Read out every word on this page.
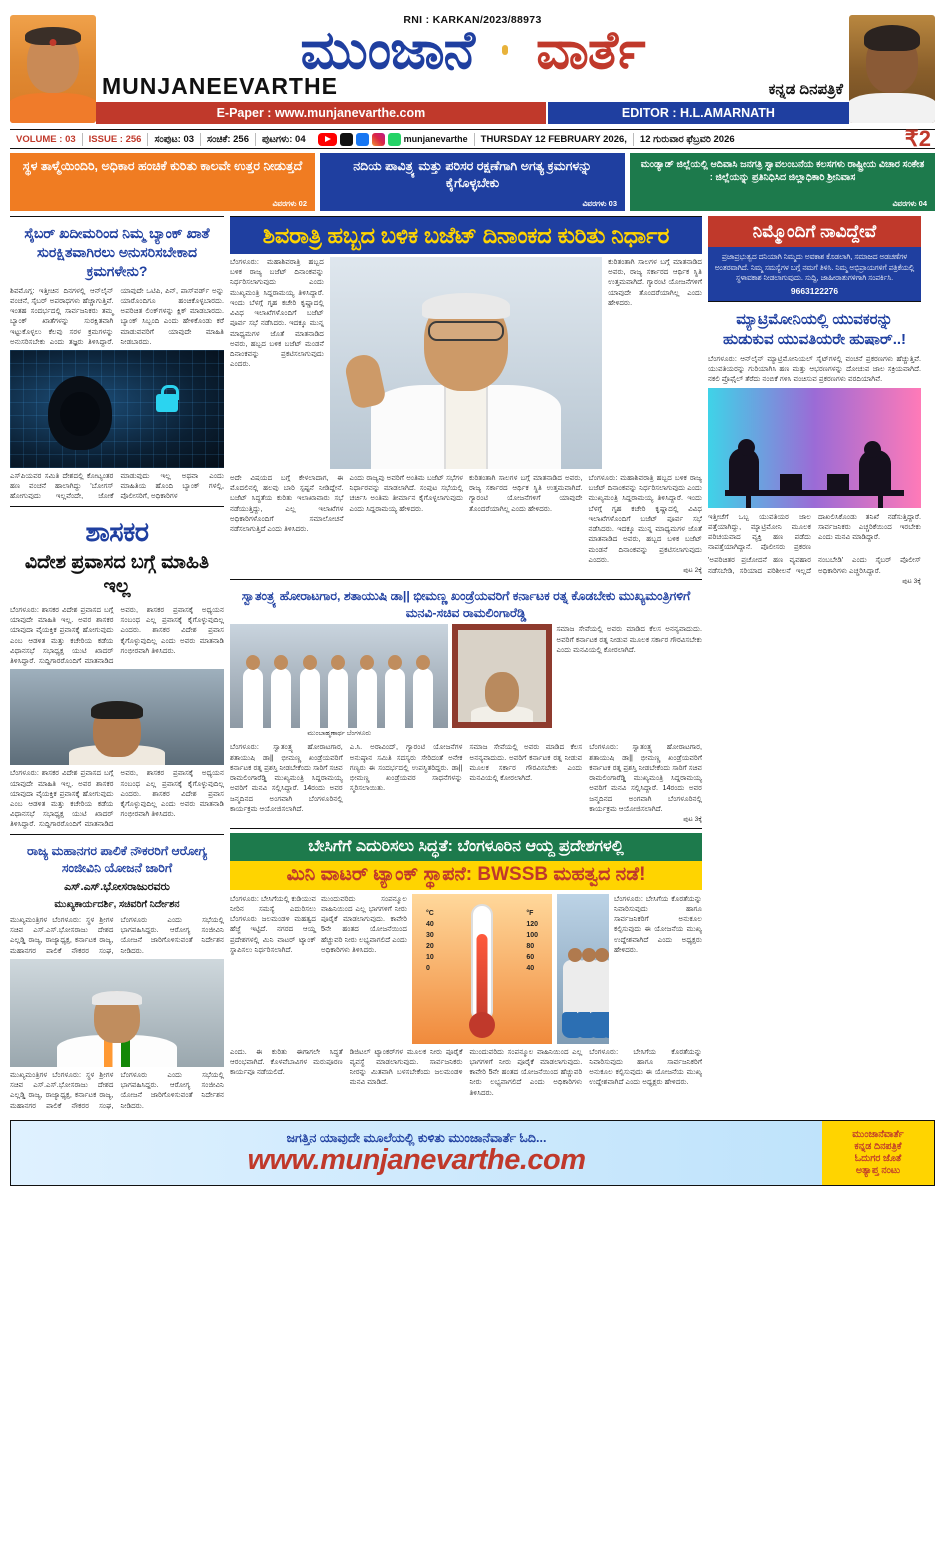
RNI : KARKAN/2023/88973
ಮುಂಜಾನೆ ವಾರ್ತೆ
MUNJANEEVARTHE	ಕನ್ನಡ ದಿನಪತ್ರಿಕೆ
E-Paper : www.munjanevarthe.com	EDITOR : H.L.AMARNATH
VOLUME : 03	ISSUE : 256	ಸಂಪುಟ: 03	ಸಂಚಿಕೆ: 256	ಪುಟಗಳು: 04	munjanevarthe	THURSDAY 12 FEBRUARY 2026,	12 ಗುರುವಾರ ಫೆಬ್ರವರಿ 2026	₹2
ಸ್ಥಳ ತಾಳ್ಮೆಯಿಂದಿರಿ, ಅಧಿಕಾರ ಹಂಚಿಕೆ ಕುರಿತು ಕಾಲವೇ ಉತ್ತರ ನೀಡುತ್ತದೆ
ವಿವರಗಳು 02
ನದಿಯ ಪಾವಿತ್ರ್ಯ ಮತ್ತು ಪರಿಸರ ರಕ್ಷಣೆಗಾಗಿ ಅಗತ್ಯ ಕ್ರಮಗಳನ್ನು ಕೈಗೊಳ್ಳಬೇಕು
ವಿವರಗಳು 03
ಮಂಡ್ಯಾಡ್ ಜಿಲ್ಲೆಯಲ್ಲಿ ಆದಿವಾಸಿ ಜನಗತ್ರಿ ಸ್ವಾವಲಂಬನೆಯ ಕಲಸಗಳು ರಾಷ್ಟ್ರೀಯ ವಿಚಾರ ಸಂಕೇತ : ಜಿಲ್ಲೆಯನ್ನು ಪ್ರತಿನಿಧಿಸಿದ ಜಿಲ್ಲಾಧಿಕಾರಿ ಶ್ರೀನಿವಾಸ
ವಿವರಗಳು 04
ಸೈಬರ್ ಖದೀಮರಿಂದ ನಿಮ್ಮ ಬ್ಯಾಂಕ್ ಖಾತೆ ಸುರಕ್ಷಿತವಾಗಿರಲು ಅನುಸರಿಸಬೇಕಾದ ಕ್ರಮಗಳೇನು?
ಶಿವಮೊಗ್ಗ: ಇತ್ತೀಚಿನ ದಿನಗಳಲ್ಲಿ ಆನ್‌ಲೈನ್ ವಂಚನೆ, ಸೈಬರ್ ಅಪರಾಧಗಳು ಹೆಚ್ಚಾಗುತ್ತಿವೆ. ಇಂತಹ ಸಂದರ್ಭದಲ್ಲಿ ಸಾರ್ವಜನಿಕರು ತಮ್ಮ ಬ್ಯಾಂಕ್ ಖಾತೆಗಳನ್ನು ಸುರಕ್ಷಿತವಾಗಿ ಇಟ್ಟುಕೊಳ್ಳಲು ಕೆಲವು ಸರಳ ಕ್ರಮಗಳನ್ನು ಅನುಸರಿಸಬೇಕು ಎಂದು ತಜ್ಞರು ತಿಳಿಸಿದ್ದಾರೆ. ಯಾವುದೇ ಒಟಿಪಿ, ಪಿನ್, ಪಾಸ್‌ವರ್ಡ್ ಅನ್ನು ಯಾರೊಂದಿಗೂ ಹಂಚಿಕೊಳ್ಳಬಾರದು. ಅಪರಿಚಿತ ಲಿಂಕ್‌ಗಳನ್ನು ಕ್ಲಿಕ್ ಮಾಡಬಾರದು. ಬ್ಯಾಂಕ್ ಸಿಬ್ಬಂದಿ ಎಂದು ಹೇಳಿಕೊಂಡು ಕರೆ ಮಾಡುವವರಿಗೆ ಯಾವುದೇ ಮಾಹಿತಿ ನೀಡಬಾರದು.
ಎಸ್‌ಪಿಯವರ ಸಮಿತಿ ದೇಶದಲ್ಲಿ ಕೋಟ್ಯಂತರ ಹಣ ವಂಚನೆ ಹಾಲಾಗಿದ್ದು 'ಬೋಗಸ್ ಹೋಗುವುದು ಇಲ್ಲವೆಂದೇ, ಜೋಕೆ ಮಾಡುವುದು ಇಲ್ಲ ಅಥವಾ ಎಂದು ಮಾಹಿತಿಯ ಹೊಂದಿ ಬ್ಯಾಂಕ್ ಗಳಲ್ಲಿ, ಪೊಲೀಸರಿಗೆ, ಅಧಿಕಾರಿಗಳ
ಶಾಸಕರ
ವಿದೇಶ ಪ್ರವಾಸದ ಬಗ್ಗೆ ಮಾಹಿತಿ ಇಲ್ಲ
ಬೆಂಗಳೂರು: ಶಾಸಕರ ವಿದೇಶ ಪ್ರವಾಸದ ಬಗ್ಗೆ ಯಾವುದೇ ಮಾಹಿತಿ ಇಲ್ಲ. ಅವರ ಶಾಸಕರ ಯಾವುದಾ ವೈಯಕ್ತಿಕ ಪ್ರವಾಸಕ್ಕೆ ಹೋಗುವುದು ಎಂಬ ಆಡಳಿತ ಮತ್ತು ಕಚೇರಿಯ ಕಡೆಯ ವಿಧಾನಸಭೆ ಸಭಾಧ್ಯಕ್ಷ ಯುಟಿ ಖಾದರ್ ತಿಳಿಸಿದ್ದಾರೆ. ಸುದ್ದಿಗಾರರೊಂದಿಗೆ ಮಾತನಾಡಿದ ಅವರು, ಶಾಸಕರ ಪ್ರವಾಸಕ್ಕೆ ಅಧ್ಯಯನ ಸಂಬಂಧ ಎಲ್ಲ ಪ್ರವಾಸಕ್ಕೆ ಕೈಗೊಳ್ಳುವುದಿಲ್ಲ ಎಂದರು. ಶಾಸಕರ ವಿದೇಶ ಪ್ರವಾಸ ಕೈಗೊಳ್ಳುವುದಿಲ್ಲ ಎಂದು ಅವರು ಮಾತನಾಡಿ ಗಂಭೀರವಾಗಿ ತಿಳಿಸಿದರು.
ಬೆಂಗಳೂರು: ಶಾಸಕರ ವಿದೇಶ ಪ್ರವಾಸದ ಬಗ್ಗೆ ಯಾವುದೇ ಮಾಹಿತಿ ಇಲ್ಲ. ಅವರ ಶಾಸಕರ ಯಾವುದಾ ವೈಯಕ್ತಿಕ ಪ್ರವಾಸಕ್ಕೆ ಹೋಗುವುದು ಎಂಬ ಆಡಳಿತ ಮತ್ತು ಕಚೇರಿಯ ಕಡೆಯ ವಿಧಾನಸಭೆ ಸಭಾಧ್ಯಕ್ಷ ಯುಟಿ ಖಾದರ್ ತಿಳಿಸಿದ್ದಾರೆ. ಸುದ್ದಿಗಾರರೊಂದಿಗೆ ಮಾತನಾಡಿದ ಅವರು, ಶಾಸಕರ ಪ್ರವಾಸಕ್ಕೆ ಅಧ್ಯಯನ ಸಂಬಂಧ ಎಲ್ಲ ಪ್ರವಾಸಕ್ಕೆ ಕೈಗೊಳ್ಳುವುದಿಲ್ಲ ಎಂದರು. ಶಾಸಕರ ವಿದೇಶ ಪ್ರವಾಸ ಕೈಗೊಳ್ಳುವುದಿಲ್ಲ ಎಂದು ಅವರು ಮಾತನಾಡಿ ಗಂಭೀರವಾಗಿ ತಿಳಿಸಿದರು.
ರಾಜ್ಯ ಮಹಾನಗರ ಪಾಲಿಕೆ ನೌಕರರಿಗೆ ಆರೋಗ್ಯ ಸಂಜೀವಿನಿ ಯೋಜನೆ ಜಾರಿಗೆ
ಎಸ್.ಎಸ್.ಭೋಸರಾಜುರವರು
ಮುಖ್ಯಕಾರ್ಯದರ್ಶಿ, ಸಚಿವರಿಗೆ ನಿರ್ದೇಶನ
ಮುಖ್ಯಮಂತ್ರಿಗಳ ಬೆಂಗಳೂರು: ಸ್ಥಳ ಶ್ರೀಗಳ ಸಚಿವ ಎಸ್.ಎಸ್.ಭೋಸರಾಜು ದೇಶದ ಎಲ್ಲಡ್ಡಿ ರಾಜ್ಯ, ರಾಜ್ಯಾಧ್ಯಕ್ಷ, ಕರ್ನಾಟಕ ರಾಜ್ಯ, ಮಹಾನಗರ ಪಾಲಿಕೆ ನೌಕರರ ಸಂಘ, ಬೆಂಗಳೂರು ಎಂದು ಸಭೆಯಲ್ಲಿ ಭಾಗವಹಿಸಿದ್ದರು. ಆರೋಗ್ಯ ಸಂಜೀವಿನಿ ಯೋಜನೆ ಜಾರಿಗೊಳಿಸುವಂತೆ ನಿರ್ದೇಶನ ನೀಡಿದರು.
ಮುಖ್ಯಮಂತ್ರಿಗಳ ಬೆಂಗಳೂರು: ಸ್ಥಳ ಶ್ರೀಗಳ ಸಚಿವ ಎಸ್.ಎಸ್.ಭೋಸರಾಜು ದೇಶದ ಎಲ್ಲಡ್ಡಿ ರಾಜ್ಯ, ರಾಜ್ಯಾಧ್ಯಕ್ಷ, ಕರ್ನಾಟಕ ರಾಜ್ಯ, ಮಹಾನಗರ ಪಾಲಿಕೆ ನೌಕರರ ಸಂಘ, ಬೆಂಗಳೂರು ಎಂದು ಸಭೆಯಲ್ಲಿ ಭಾಗವಹಿಸಿದ್ದರು. ಆರೋಗ್ಯ ಸಂಜೀವಿನಿ ಯೋಜನೆ ಜಾರಿಗೊಳಿಸುವಂತೆ ನಿರ್ದೇಶನ ನೀಡಿದರು.
ಶಿವರಾತ್ರಿ ಹಬ್ಬದ ಬಳಿಕ ಬಜೆಟ್ ದಿನಾಂಕದ ಕುರಿತು ನಿರ್ಧಾರ
ಬೆಂಗಳೂರು: ಮಹಾಶಿವರಾತ್ರಿ ಹಬ್ಬದ ಬಳಿಕ ರಾಜ್ಯ ಬಜೆಟ್ ದಿನಾಂಕವನ್ನು ನಿರ್ಧರಿಸಲಾಗುವುದು ಎಂದು ಮುಖ್ಯಮಂತ್ರಿ ಸಿದ್ದರಾಮಯ್ಯ ತಿಳಿಸಿದ್ದಾರೆ. ಇಂದು ಬೆಳಗ್ಗೆ ಗೃಹ ಕಚೇರಿ ಕೃಷ್ಣಾದಲ್ಲಿ ವಿವಿಧ ಇಲಾಖೆಗಳೊಂದಿಗೆ ಬಜೆಟ್ ಪೂರ್ವ ಸಭೆ ನಡೆಸಿದರು. ಇದಕ್ಕೂ ಮುನ್ನ ಮಾಧ್ಯಮಗಳ ಜೊತೆ ಮಾತನಾಡಿದ ಅವರು, ಹಬ್ಬದ ಬಳಿಕ ಬಜೆಟ್ ಮಂಡನೆ ದಿನಾಂಕವನ್ನು ಪ್ರಕಟಿಸಲಾಗುವುದು ಎಂದರು.
ಕುರಿತಂತಾಗಿ ಸಾಲಗಳ ಬಗ್ಗೆ ಮಾತನಾಡಿದ ಅವರು, ರಾಜ್ಯ ಸರ್ಕಾರದ ಆರ್ಥಿಕ ಸ್ಥಿತಿ ಉತ್ತಮವಾಗಿದೆ. ಗ್ಯಾರಂಟಿ ಯೋಜನೆಗಳಿಗೆ ಯಾವುದೇ ತೊಂದರೆಯಾಗಿಲ್ಲ ಎಂದು ಹೇಳಿದರು.
ಅದೇ ವಿಷಯದ ಬಗ್ಗೆ ಕೇಳಲಾದಾಗ, ಈ ಮೊದಲಿನಲ್ಲಿ ಹಲವು ಬಾರಿ ಸ್ಪಷ್ಟನೆ ನೀಡಿದ್ದೇನೆ. ಬಜೆಟ್ ಸಿದ್ಧತೆಯ ಕುರಿತು ಇಲಾಖಾವಾರು ಸಭೆ ನಡೆಯುತ್ತಿದ್ದು, ಎಲ್ಲ ಇಲಾಖೆಗಳ ಅಧಿಕಾರಿಗಳೊಂದಿಗೆ ಸಮಾಲೋಚನೆ ನಡೆಸಲಾಗುತ್ತಿದೆ ಎಂದು ತಿಳಿಸಿದರು.
ಎಂದು ರಾಜ್ಯವು ಅವರಿಗೆ ಅಂತಿಮ ಬಜೆಟ್ ಸಭೆಗಳ ನಿರ್ಧಾರವನ್ನು ಮಾಡಲಾಗಿದೆ. ಸಂಪುಟ ಸಭೆಯಲ್ಲಿ ಚರ್ಚಿಸಿ ಅಂತಿಮ ತೀರ್ಮಾನ ಕೈಗೊಳ್ಳಲಾಗುವುದು ಎಂದು ಸಿದ್ದರಾಮಯ್ಯ ಹೇಳಿದರು.
ಕುರಿತಂತಾಗಿ ಸಾಲಗಳ ಬಗ್ಗೆ ಮಾತನಾಡಿದ ಅವರು, ರಾಜ್ಯ ಸರ್ಕಾರದ ಆರ್ಥಿಕ ಸ್ಥಿತಿ ಉತ್ತಮವಾಗಿದೆ. ಗ್ಯಾರಂಟಿ ಯೋಜನೆಗಳಿಗೆ ಯಾವುದೇ ತೊಂದರೆಯಾಗಿಲ್ಲ ಎಂದು ಹೇಳಿದರು.
ಬೆಂಗಳೂರು: ಮಹಾಶಿವರಾತ್ರಿ ಹಬ್ಬದ ಬಳಿಕ ರಾಜ್ಯ ಬಜೆಟ್ ದಿನಾಂಕವನ್ನು ನಿರ್ಧರಿಸಲಾಗುವುದು ಎಂದು ಮುಖ್ಯಮಂತ್ರಿ ಸಿದ್ದರಾಮಯ್ಯ ತಿಳಿಸಿದ್ದಾರೆ. ಇಂದು ಬೆಳಗ್ಗೆ ಗೃಹ ಕಚೇರಿ ಕೃಷ್ಣಾದಲ್ಲಿ ವಿವಿಧ ಇಲಾಖೆಗಳೊಂದಿಗೆ ಬಜೆಟ್ ಪೂರ್ವ ಸಭೆ ನಡೆಸಿದರು. ಇದಕ್ಕೂ ಮುನ್ನ ಮಾಧ್ಯಮಗಳ ಜೊತೆ ಮಾತನಾಡಿದ ಅವರು, ಹಬ್ಬದ ಬಳಿಕ ಬಜೆಟ್ ಮಂಡನೆ ದಿನಾಂಕವನ್ನು ಪ್ರಕಟಿಸಲಾಗುವುದು ಎಂದರು.
ಪುಟ 2ಕ್ಕೆ
ಸ್ವಾತಂತ್ರ್ಯ ಹೋರಾಟಗಾರ, ಶತಾಯುಷಿ ಡಾ|| ಭೀಮಣ್ಣ ಖಂಡ್ರೆಯವರಿಗೆ ಕರ್ನಾಟಕ ರತ್ನ ಕೊಡಬೇಕು ಮುಖ್ಯಮಂತ್ರಿಗಳಿಗೆ ಮನವಿ-ಸಚಿವ ರಾಮಲಿಂಗಾರೆಡ್ಡಿ
ಮುಂಬಾಹ್ಮಣಾರ್ಥ ಬೆಂಗಳೂರು
ಸಮಾಜ ಸೇವೆಯಲ್ಲಿ ಅವರು ಮಾಡಿದ ಕೆಲಸ ಅನನ್ಯವಾದುದು. ಅವರಿಗೆ ಕರ್ನಾಟಕ ರತ್ನ ನೀಡುವ ಮೂಲಕ ಸರ್ಕಾರ ಗೌರವಿಸಬೇಕು ಎಂದು ಮನವಿಯಲ್ಲಿ ಕೋರಲಾಗಿದೆ.
ಬೆಂಗಳೂರು: ಸ್ವಾತಂತ್ರ್ಯ ಹೋರಾಟಗಾರ, ಶತಾಯುಷಿ ಡಾ|| ಭೀಮಣ್ಣ ಖಂಡ್ರೆಯವರಿಗೆ ಕರ್ನಾಟಕ ರತ್ನ ಪ್ರಶಸ್ತಿ ನೀಡಬೇಕೆಂದು ಸಾರಿಗೆ ಸಚಿವ ರಾಮಲಿಂಗಾರೆಡ್ಡಿ ಮುಖ್ಯಮಂತ್ರಿ ಸಿದ್ದರಾಮಯ್ಯ ಅವರಿಗೆ ಮನವಿ ಸಲ್ಲಿಸಿದ್ದಾರೆ. 14ರಂದು ಅವರ ಜನ್ಮದಿನದ ಅಂಗವಾಗಿ ಬೆಂಗಳೂರಿನಲ್ಲಿ ಕಾರ್ಯಕ್ರಮ ಆಯೋಜಿಸಲಾಗಿದೆ.
ಎ.ಸಿ. ಅರಾವಿಂದ್, ಗ್ಯಾರಂಟಿ ಯೋಜನೆಗಳ ಅನುಷ್ಠಾನ ಸಮಿತಿ ಸದಸ್ಯರು ಸೇರಿದಂತೆ ಅನೇಕ ಗಣ್ಯರು ಈ ಸಂದರ್ಭದಲ್ಲಿ ಉಪಸ್ಥಿತರಿದ್ದರು. ಡಾ|| ಭೀಮಣ್ಣ ಖಂಡ್ರೆಯವರ ಸಾಧನೆಗಳನ್ನು ಸ್ಮರಿಸಲಾಯಿತು.
ಸಮಾಜ ಸೇವೆಯಲ್ಲಿ ಅವರು ಮಾಡಿದ ಕೆಲಸ ಅನನ್ಯವಾದುದು. ಅವರಿಗೆ ಕರ್ನಾಟಕ ರತ್ನ ನೀಡುವ ಮೂಲಕ ಸರ್ಕಾರ ಗೌರವಿಸಬೇಕು ಎಂದು ಮನವಿಯಲ್ಲಿ ಕೋರಲಾಗಿದೆ.
ಬೆಂಗಳೂರು: ಸ್ವಾತಂತ್ರ್ಯ ಹೋರಾಟಗಾರ, ಶತಾಯುಷಿ ಡಾ|| ಭೀಮಣ್ಣ ಖಂಡ್ರೆಯವರಿಗೆ ಕರ್ನಾಟಕ ರತ್ನ ಪ್ರಶಸ್ತಿ ನೀಡಬೇಕೆಂದು ಸಾರಿಗೆ ಸಚಿವ ರಾಮಲಿಂಗಾರೆಡ್ಡಿ ಮುಖ್ಯಮಂತ್ರಿ ಸಿದ್ದರಾಮಯ್ಯ ಅವರಿಗೆ ಮನವಿ ಸಲ್ಲಿಸಿದ್ದಾರೆ. 14ರಂದು ಅವರ ಜನ್ಮದಿನದ ಅಂಗವಾಗಿ ಬೆಂಗಳೂರಿನಲ್ಲಿ ಕಾರ್ಯಕ್ರಮ ಆಯೋಜಿಸಲಾಗಿದೆ.
ಪುಟ 3ಕ್ಕೆ
ಬೇಸಿಗೆಗೆ ಎದುರಿಸಲು ಸಿದ್ಧತೆ: ಬೆಂಗಳೂರಿನ ಆಯ್ದ ಪ್ರದೇಶಗಳಲ್ಲಿ
ಮಿನಿ ವಾಟರ್ ಟ್ಯಾಂಕ್ ಸ್ಥಾಪನೆ: BWSSB ಮಹತ್ವದ ನಡೆ!
ಬೆಂಗಳೂರು: ಬೇಸಿಗೆಯಲ್ಲಿ ಕುಡಿಯುವ ನೀರಿನ ಸಮಸ್ಯೆ ಎದುರಿಸಲು ಬೆಂಗಳೂರು ಜಲಮಂಡಳಿ ಮಹತ್ವದ ಹೆಜ್ಜೆ ಇಟ್ಟಿದೆ. ನಗರದ ಆಯ್ದ ಪ್ರದೇಶಗಳಲ್ಲಿ ಮಿನಿ ವಾಟರ್ ಟ್ಯಾಂಕ್ ಸ್ಥಾಪಿಸಲು ನಿರ್ಧರಿಸಲಾಗಿದೆ.
ಮುಂದುವರಿದು ಸಂಪನ್ಮೂಲ ವಾಹಿನಿಯಿಂದ ಎಲ್ಲ ಭಾಗಗಳಿಗೆ ನೀರು ಪೂರೈಕೆ ಮಾಡಲಾಗುವುದು. ಕಾವೇರಿ 5ನೇ ಹಂತದ ಯೋಜನೆಯಿಂದ ಹೆಚ್ಚುವರಿ ನೀರು ಲಭ್ಯವಾಗಲಿದೆ ಎಂದು ಅಧಿಕಾರಿಗಳು ತಿಳಿಸಿದರು.
°C
40
30
20
10
0
°F
120
100
80
60
40
ಬೆಂಗಳೂರು: ಬೇಸಿಗೆಯ ಕೊರತೆಯನ್ನು ನಿವಾರಿಸುವುದು ಹಾಗೂ ಸಾರ್ವಜನಿಕರಿಗೆ ಅನುಕೂಲ ಕಲ್ಪಿಸುವುದು ಈ ಯೋಜನೆಯ ಮುಖ್ಯ ಉದ್ದೇಶವಾಗಿದೆ ಎಂದು ಅಧ್ಯಕ್ಷರು ಹೇಳಿದರು.
ಎಂದು. ಈ ಕುರಿತು ಈಗಾಗಲೇ ಸಿದ್ಧತೆ ಆರಂಭವಾಗಿದೆ. ಕೊಳವೆಬಾವಿಗಳ ಮರುಪೂರಣ ಕಾರ್ಯವೂ ನಡೆಯಲಿದೆ.
ಡಿಜಿಟಲ್ ಟ್ಯಾಂಕರ್‌ಗಳ ಮೂಲಕ ನೀರು ಪೂರೈಕೆ ವ್ಯವಸ್ಥೆ ಮಾಡಲಾಗುವುದು. ಸಾರ್ವಜನಿಕರು ನೀರನ್ನು ಮಿತವಾಗಿ ಬಳಸಬೇಕೆಂದು ಜಲಮಂಡಳಿ ಮನವಿ ಮಾಡಿದೆ.
ಮುಂದುವರಿದು ಸಂಪನ್ಮೂಲ ವಾಹಿನಿಯಿಂದ ಎಲ್ಲ ಭಾಗಗಳಿಗೆ ನೀರು ಪೂರೈಕೆ ಮಾಡಲಾಗುವುದು. ಕಾವೇರಿ 5ನೇ ಹಂತದ ಯೋಜನೆಯಿಂದ ಹೆಚ್ಚುವರಿ ನೀರು ಲಭ್ಯವಾಗಲಿದೆ ಎಂದು ಅಧಿಕಾರಿಗಳು ತಿಳಿಸಿದರು.
ಬೆಂಗಳೂರು: ಬೇಸಿಗೆಯ ಕೊರತೆಯನ್ನು ನಿವಾರಿಸುವುದು ಹಾಗೂ ಸಾರ್ವಜನಿಕರಿಗೆ ಅನುಕೂಲ ಕಲ್ಪಿಸುವುದು ಈ ಯೋಜನೆಯ ಮುಖ್ಯ ಉದ್ದೇಶವಾಗಿದೆ ಎಂದು ಅಧ್ಯಕ್ಷರು ಹೇಳಿದರು.
ನಿಮ್ಮೊಂದಿಗೆ ನಾವಿದ್ದೇವೆ
ಪ್ರಜಾಪ್ರಭುತ್ವದ ದನಿಯಾಗಿ ನಿಮ್ಮದು ಅವಕಾಶ ಕೊಡಲಾಗಿ, ಸಮಾಜದ ಅಡಚಣೆಗಳ ಅಂತರವಾಗಿದೆ. ನಿಮ್ಮ ಸಮಸ್ಯೆಗಳ ಬಗ್ಗೆ ನಮಗೆ ತಿಳಿಸಿ. ನಿಮ್ಮ ಅಭಿಪ್ರಾಯಗಳಿಗೆ ಪತ್ರಿಕೆಯಲ್ಲಿ ಸ್ಥಳಾವಕಾಶ ನೀಡಲಾಗುವುದು. ಸುದ್ದಿ, ಜಾಹೀರಾತುಗಳಿಗಾಗಿ ಸಂಪರ್ಕಿಸಿ.
9663122276
ಮ್ಯಾಟ್ರಿಮೋನಿಯಲ್ಲಿ ಯುವಕರನ್ನು ಹುಡುಕುವ ಯುವತಿಯರೇ ಹುಷಾರ್..!
ಬೆಂಗಳೂರು: ಆನ್‌ಲೈನ್ ಮ್ಯಾಟ್ರಿಮೋನಿಯಲ್ ಸೈಟ್‌ಗಳಲ್ಲಿ ವಂಚನೆ ಪ್ರಕರಣಗಳು ಹೆಚ್ಚುತ್ತಿವೆ. ಯುವತಿಯರನ್ನು ಗುರಿಯಾಗಿಸಿ ಹಣ ಮತ್ತು ಆಭರಣಗಳನ್ನು ದೋಚುವ ಜಾಲ ಸಕ್ರಿಯವಾಗಿದೆ. ನಕಲಿ ಪ್ರೊಫೈಲ್ ತೆರೆದು ನಂಬಿಕೆ ಗಳಿಸಿ ವಂಚಿಸುವ ಪ್ರಕರಣಗಳು ವರದಿಯಾಗಿವೆ.
ಇತ್ತೀಚೆಗೆ ಒಬ್ಬ ಯುವತಿಯರ ಜಾಲ ಪತ್ತೆಯಾಗಿದ್ದು, ಮ್ಯಾಟ್ರಿಮೋನಿ ಮೂಲಕ ಪರಿಚಯವಾದ ವ್ಯಕ್ತಿ ಹಣ ಪಡೆದು ನಾಪತ್ತೆಯಾಗಿದ್ದಾನೆ. ಪೊಲೀಸರು ಪ್ರಕರಣ ದಾಖಲಿಸಿಕೊಂಡು ತನಿಖೆ ನಡೆಸುತ್ತಿದ್ದಾರೆ. ಸಾರ್ವಜನಿಕರು ಎಚ್ಚರಿಕೆಯಿಂದ ಇರಬೇಕು ಎಂದು ಮನವಿ ಮಾಡಿದ್ದಾರೆ.
'ಅಪರಿಚಿತರ ಪ್ರಚೋದನೆ ಹಣ ವ್ಯವಹಾರ ನಡೆಸಬೇಡಿ, ಸರಿಯಾದ ಪರಿಶೀಲನೆ ಇಲ್ಲದೆ ನಂಬಬೇಡಿ' ಎಂದು ಸೈಬರ್ ಪೊಲೀಸ್ ಅಧಿಕಾರಿಗಳು ಎಚ್ಚರಿಸಿದ್ದಾರೆ.
ಪುಟ 3ಕ್ಕೆ
ಜಗತ್ತಿನ ಯಾವುದೇ ಮೂಲೆಯಲ್ಲಿ ಕುಳಿತು ಮುಂಜಾನೆವಾರ್ತೆ ಓದಿ...
www.munjanevarthe.com
ಮುಂಜಾನೆವಾರ್ತೆ
ಕನ್ನಡ ದಿನಪತ್ರಿಕೆ
ಓದುಗರ ಜೊತೆ
ಅತ್ಯಾಪ್ತ ನಂಟು
